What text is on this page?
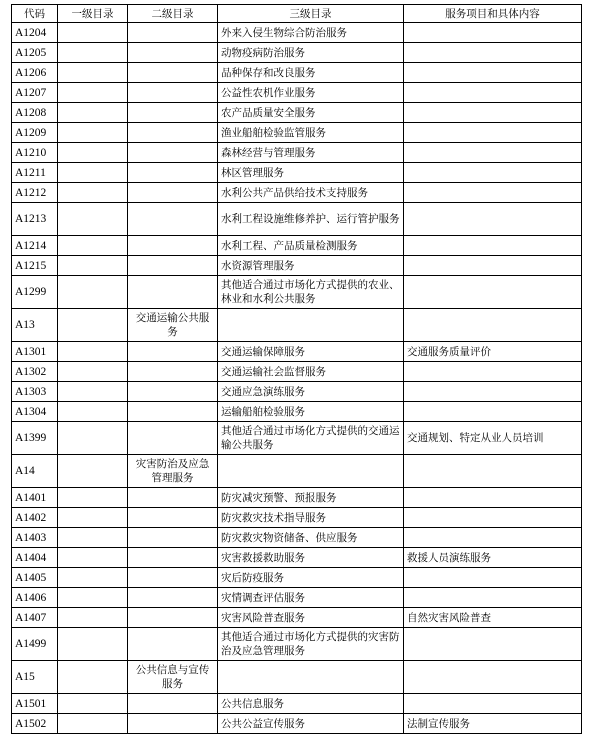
代码	一级目录	二级目录	三级目录	服务项目和具体内容
A1204			外来入侵生物综合防治服务	
A1205			动物疫病防治服务	
A1206			品种保存和改良服务	
A1207			公益性农机作业服务	
A1208			农产品质量安全服务	
A1209			渔业船舶检验监管服务	
A1210			森林经营与管理服务	
A1211			林区管理服务	
A1212			水利公共产品供给技术支持服务	
A1213			水利工程设施维修养护、运行管护服务	
A1214			水利工程、产品质量检测服务	
A1215			水资源管理服务	
A1299			其他适合通过市场化方式提供的农业、林业和水利公共服务	
A13		交通运输公共服务		
A1301			交通运输保障服务	交通服务质量评价
A1302			交通运输社会监督服务	
A1303			交通应急演练服务	
A1304			运输船舶检验服务	
A1399			其他适合通过市场化方式提供的交通运输公共服务	交通规划、特定从业人员培训
A14		灾害防治及应急管理服务		
A1401			防灾减灾预警、预报服务	
A1402			防灾救灾技术指导服务	
A1403			防灾救灾物资储备、供应服务	
A1404			灾害救援救助服务	救援人员演练服务
A1405			灾后防疫服务	
A1406			灾情调查评估服务	
A1407			灾害风险普查服务	自然灾害风险普查
A1499			其他适合通过市场化方式提供的灾害防治及应急管理服务	
A15		公共信息与宣传服务		
A1501			公共信息服务	
A1502			公共公益宣传服务	法制宣传服务
